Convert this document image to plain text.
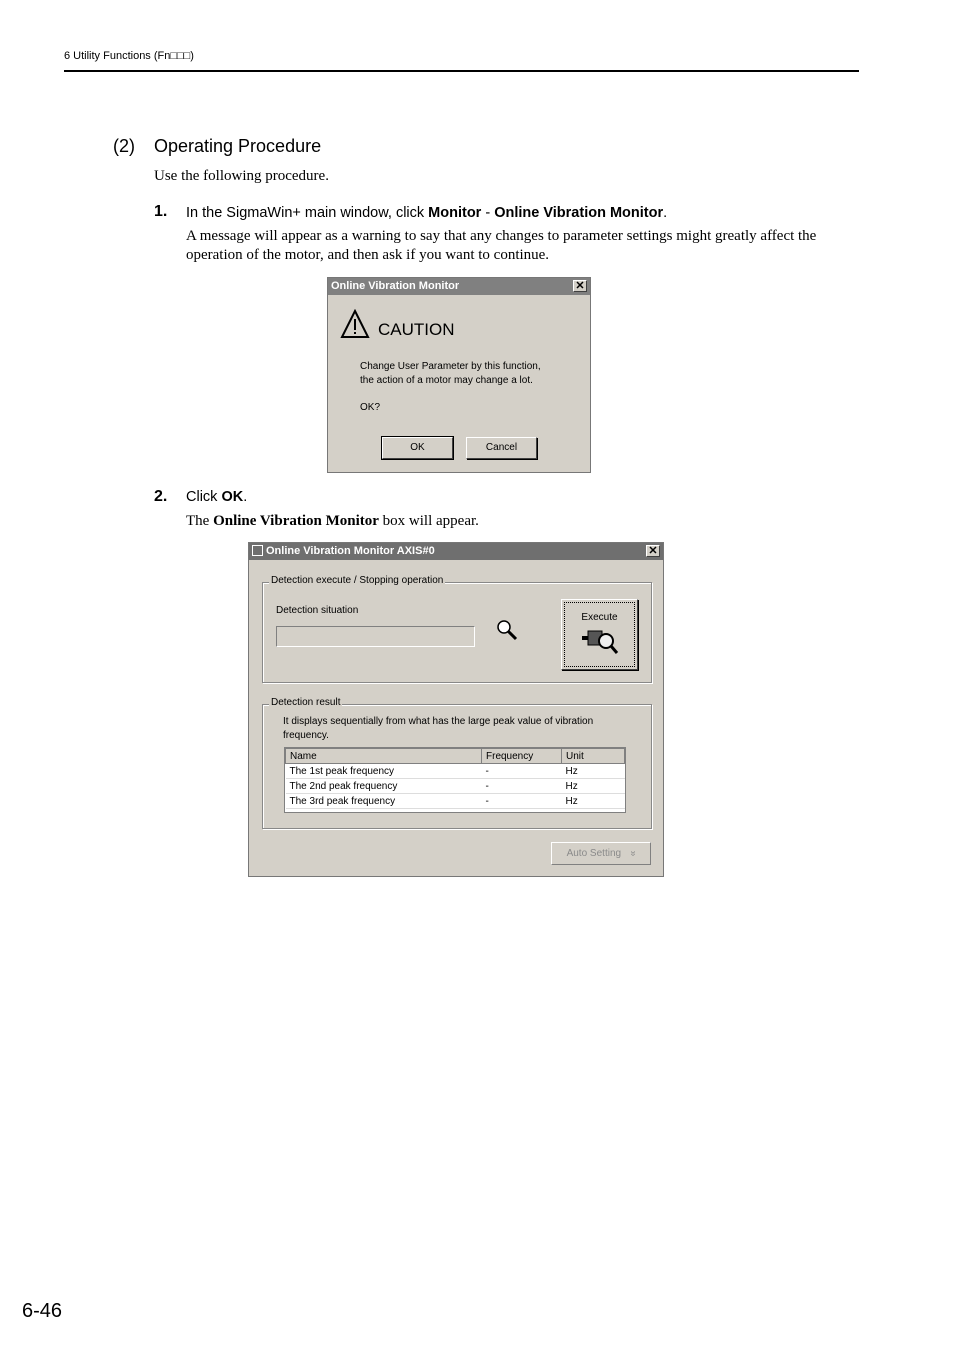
6 Utility Functions (Fn□□□)
(2) Operating Procedure
Use the following procedure.
1. In the SigmaWin+ main window, click Monitor - Online Vibration Monitor.
A message will appear as a warning to say that any changes to parameter settings might greatly affect the operation of the motor, and then ask if you want to continue.
Online Vibration Monitor	✕
CAUTION
Change User Parameter by this function,
the action of a motor may change a lot.
OK?
OK	Cancel
2. Click OK.
The Online Vibration Monitor box will appear.
Online Vibration Monitor AXIS#0	✕
Detection execute / Stopping operation
Detection situation
Execute
Detection result
It displays sequentially from what has the large peak value of vibration
frequency.
Name	Frequency	Unit
The 1st peak frequency	-	Hz
The 2nd peak frequency	-	Hz
The 3rd peak frequency	-	Hz
Auto Setting »
6-46
